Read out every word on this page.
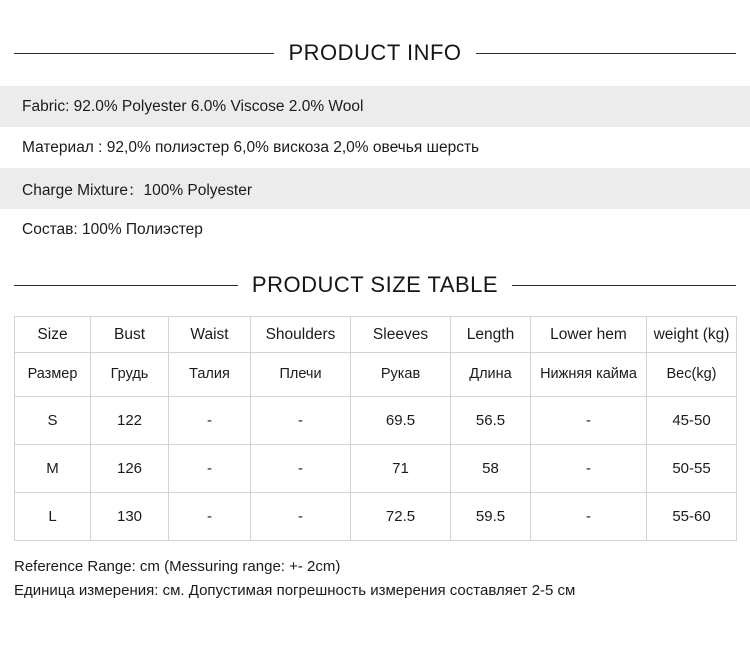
PRODUCT INFO
Fabric: 92.0% Polyester 6.0% Viscose 2.0% Wool
Материал : 92,0% полиэстер 6,0% вискоза 2,0% овечья шерсть
Charge Mixture：100% Polyester
Состав: 100% Полиэстер
PRODUCT SIZE TABLE
Size	Bust	Waist	Shoulders	Sleeves	Length	Lower hem	weight (kg)
Размер	Грудь	Талия	Плечи	Рукав	Длина	Нижняя кайма	Вес(kg)
S	122	-	-	69.5	56.5	-	45-50
M	126	-	-	71	58	-	50-55
L	130	-	-	72.5	59.5	-	55-60
Reference Range: cm (Messuring range: +- 2cm)
Единица измерения: см. Допустимая погрешность измерения составляет 2-5 см
